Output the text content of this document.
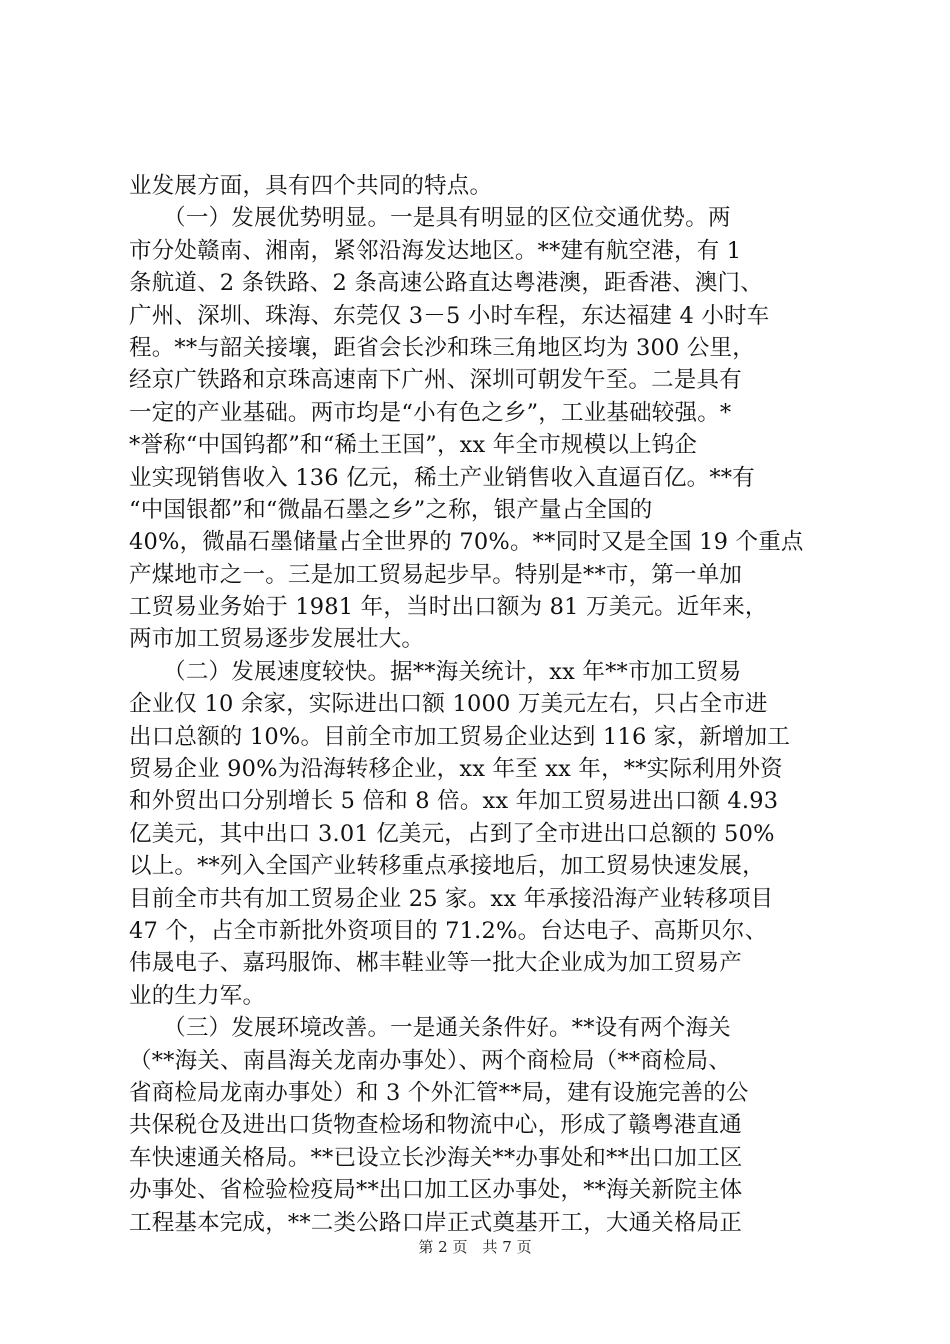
业发展方面，具有四个共同的特点。
　　（一）发展优势明显。一是具有明显的区位交通优势。两
市分处赣南、湘南，紧邻沿海发达地区。**建有航空港，有 1
条航道、2 条铁路、2 条高速公路直达粤港澳，距香港、澳门、
广州、深圳、珠海、东莞仅 3－5 小时车程，东达福建 4 小时车
程。**与韶关接壤，距省会长沙和珠三角地区均为 300 公里，
经京广铁路和京珠高速南下广州、深圳可朝发午至。二是具有
一定的产业基础。两市均是“小有色之乡”，工业基础较强。*
*誉称“中国钨都”和“稀土王国”，xx 年全市规模以上钨企
业实现销售收入 136 亿元，稀土产业销售收入直逼百亿。**有
“中国银都”和“微晶石墨之乡”之称，银产量占全国的
40%，微晶石墨储量占全世界的 70%。**同时又是全国 19 个重点
产煤地市之一。三是加工贸易起步早。特别是**市，第一单加
工贸易业务始于 1981 年，当时出口额为 81 万美元。近年来，
两市加工贸易逐步发展壮大。
　　（二）发展速度较快。据**海关统计，xx 年**市加工贸易
企业仅 10 余家，实际进出口额 1000 万美元左右，只占全市进
出口总额的 10%。目前全市加工贸易企业达到 116 家，新增加工
贸易企业 90%为沿海转移企业，xx 年至 xx 年，**实际利用外资
和外贸出口分别增长 5 倍和 8 倍。xx 年加工贸易进出口额 4.93
亿美元，其中出口 3.01 亿美元，占到了全市进出口总额的 50%
以上。**列入全国产业转移重点承接地后，加工贸易快速发展，
目前全市共有加工贸易企业 25 家。xx 年承接沿海产业转移项目
47 个，占全市新批外资项目的 71.2%。台达电子、高斯贝尔、
伟晟电子、嘉玛服饰、郴丰鞋业等一批大企业成为加工贸易产
业的生力军。
　　（三）发展环境改善。一是通关条件好。**设有两个海关
（**海关、南昌海关龙南办事处）、两个商检局（**商检局、
省商检局龙南办事处）和 3 个外汇管**局，建有设施完善的公
共保税仓及进出口货物查检场和物流中心，形成了赣粤港直通
车快速通关格局。**已设立长沙海关**办事处和**出口加工区
办事处、省检验检疫局**出口加工区办事处，**海关新院主体
工程基本完成，**二类公路口岸正式奠基开工，大通关格局正
第 2 页　共 7 页
